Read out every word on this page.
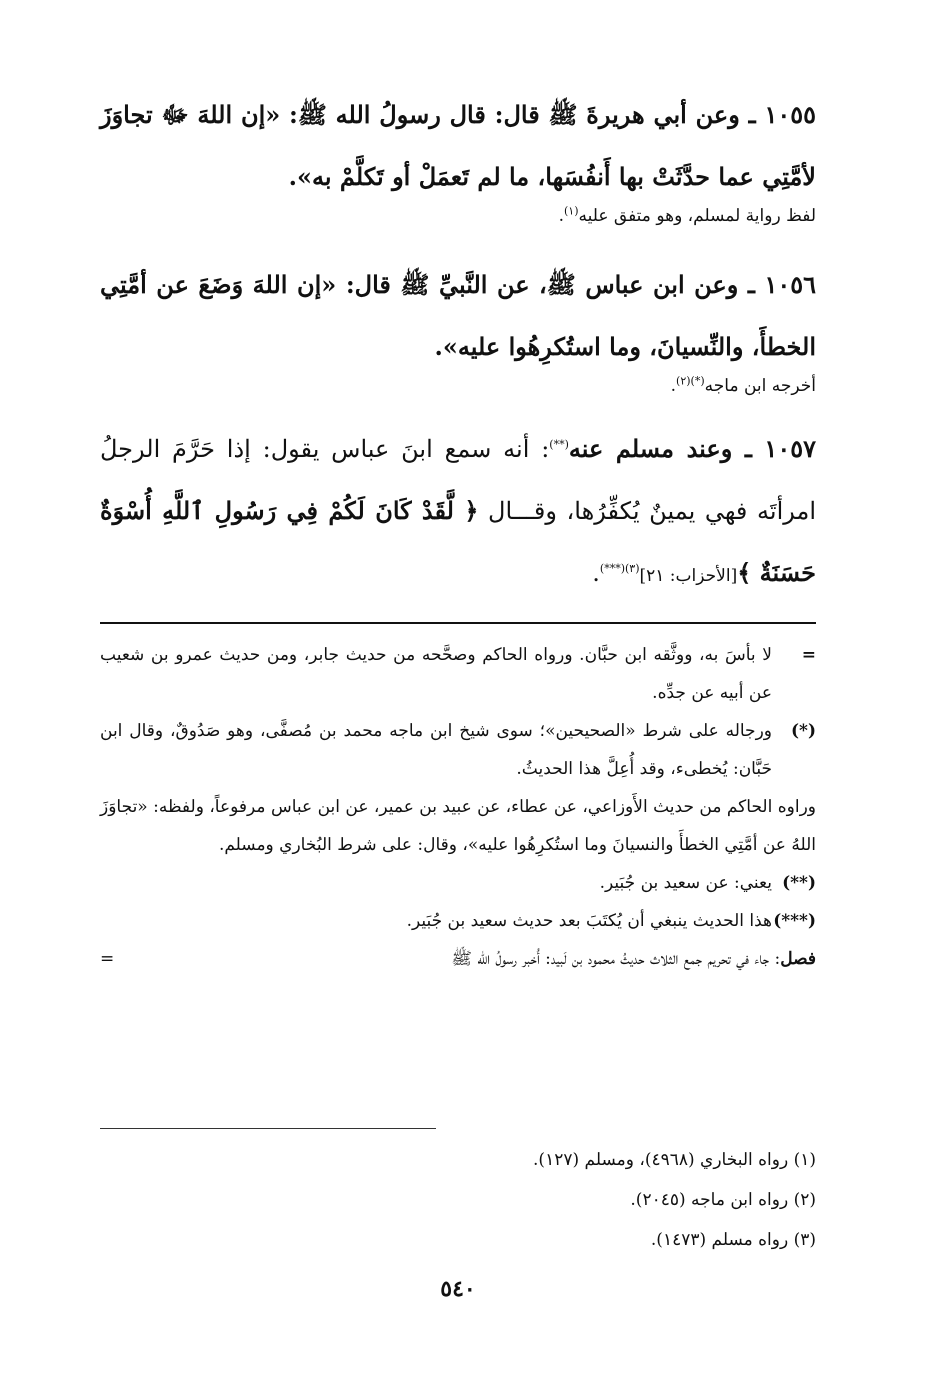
١٠٥٥ ـ وعن أبي هريرةَ ﷺ قال: قال رسولُ الله ﷺ: «إن اللهَ ﷻ تجاوَزَ لأمَّتِي عما حدَّثَتْ بها أَنفُسَها، ما لم تَعمَلْ أو تَكلَّمْ به».

لفظ رواية لمسلم، وهو متفق عليه$^{(١)}$.

١٠٥٦ ـ وعن ابن عباس ﷺ، عن النَّبيِّ ﷺ قال: «إن اللهَ وَضَعَ عن أمَّتِي الخطأَ، والنِّسيانَ، وما استُكرِهُوا عليه».

أخرجه ابن ماجه$^{(*)(٢)}$.

١٠٥٧ ـ وعند مسلم عنه(**): أنه سمع ابنَ عباس يقول: إذا حَرَّمَ الرجلُ امرأتَه فهي يمينٌ يُكفِّرُها، وقـــال ﴿ لَّقَدْ كَانَ لَكُمْ فِي رَسُولِ ٱللَّهِ أُسْوَةٌ حَسَنَةٌ ﴾[الأحزاب: ٢١]$^{(٣)(***)}$.

=
لا بأسَ به، ووثَّقه ابن حبَّان. ورواه الحاكم وصحَّحه من حديث جابر، ومن حديث عمرو بن شعيب عن أبيه عن جدِّه.

(*)
ورجاله على شرط «الصحيحين»؛ سوى شيخ ابن ماجه محمد بن مُصفَّى، وهو صَدُوقٌ، وقال ابن حَبَّان: يُخطىء، وقد أُعِلَّ هذا الحديثُ.

وراوه الحاكم من حديث الأَوزاعي، عن عطاء، عن عبيد بن عمير، عن ابن عباس مرفوعاً، ولفظه: «تجاوَزَ اللهُ عن أمَّتِي الخطأَ والنسيانَ وما استُكرِهُوا عليه»، وقال: على شرط البُخاري ومسلم.

(**)
يعني: عن سعيد بن جُبَير.

(***)
هذا الحديث ينبغي أن يُكتَبَ بعد حديث سعيد بن جُبَير.

فصل: جاء في تحريم جمع الثلاث حديثُ محمود بن لَبيد: أُخبر رسولُ الله ﷺ
=

(١) رواه البخاري (٤٩٦٨)، ومسلم (١٢٧).

(٢) رواه ابن ماجه (٢٠٤٥).

(٣) رواه مسلم (١٤٧٣).

٥٤٠
